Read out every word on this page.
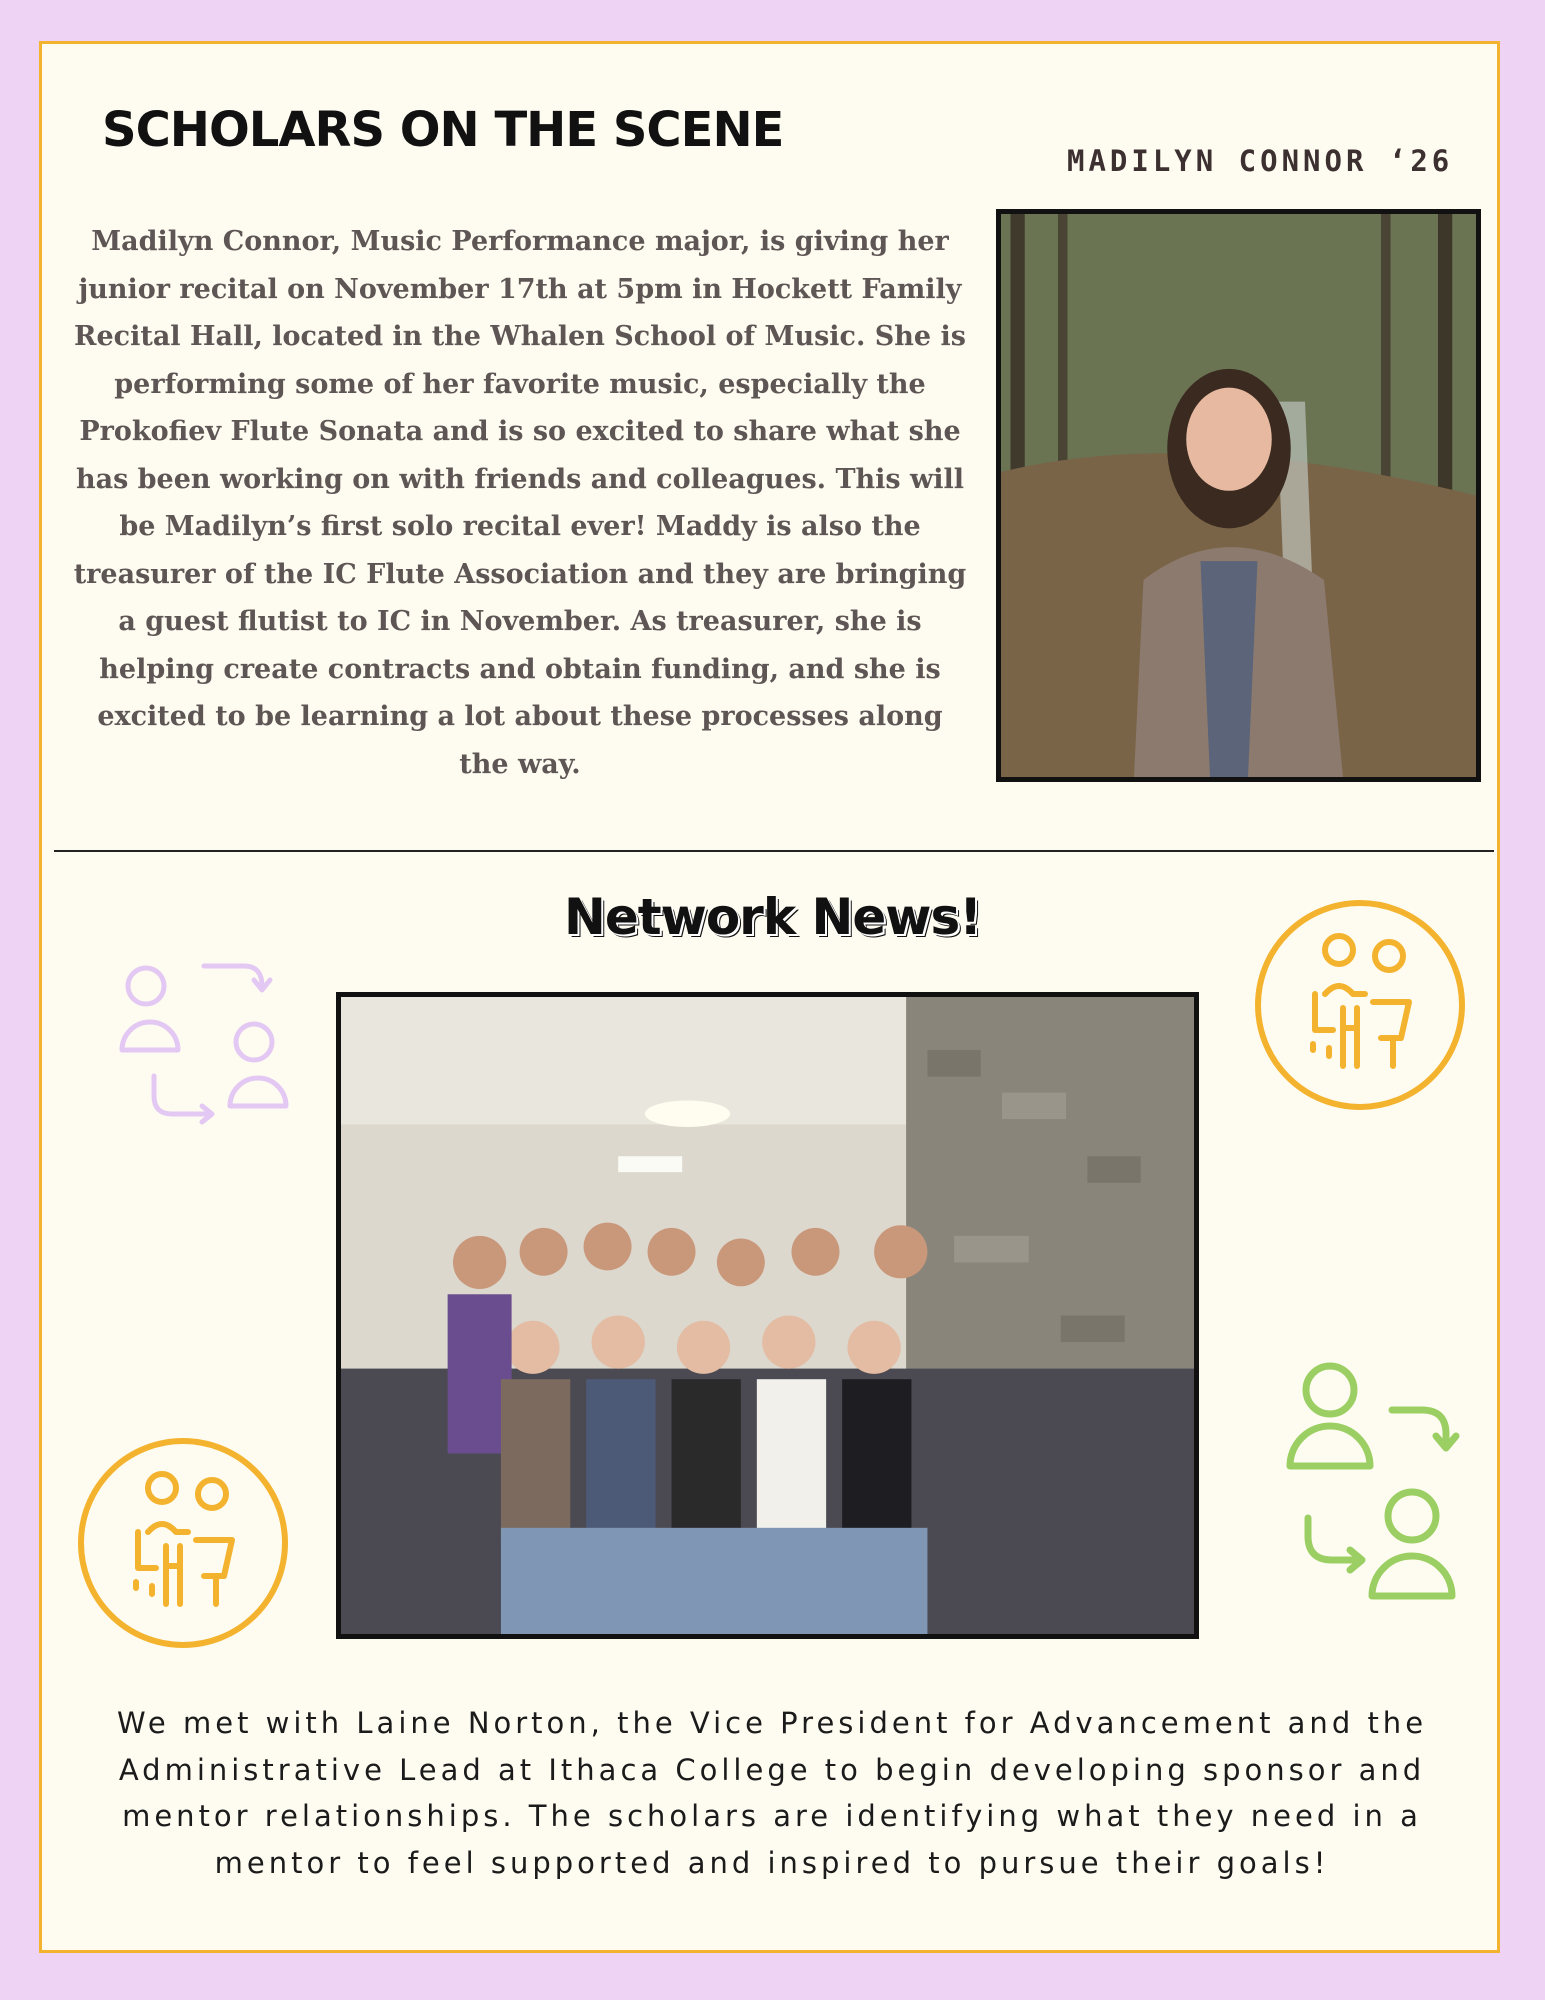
SCHOLARS ON THE SCENE
MADILYN CONNOR ‘26

Madilyn Connor, Music Performance major, is giving her junior recital on November 17th at 5pm in Hockett Family Recital Hall, located in the Whalen School of Music. She is performing some of her favorite music, especially the Prokofiev Flute Sonata and is so excited to share what she has been working on with friends and colleagues. This will be Madilyn’s first solo recital ever! Maddy is also the treasurer of the IC Flute Association and they are bringing a guest flutist to IC in November. As treasurer, she is helping create contracts and obtain funding, and she is excited to be learning a lot about these processes along the way.

Network News!

We met with Laine Norton, the Vice President for Advancement and the Administrative Lead at Ithaca College to begin developing sponsor and mentor relationships. The scholars are identifying what they need in a mentor to feel supported and inspired to pursue their goals!
